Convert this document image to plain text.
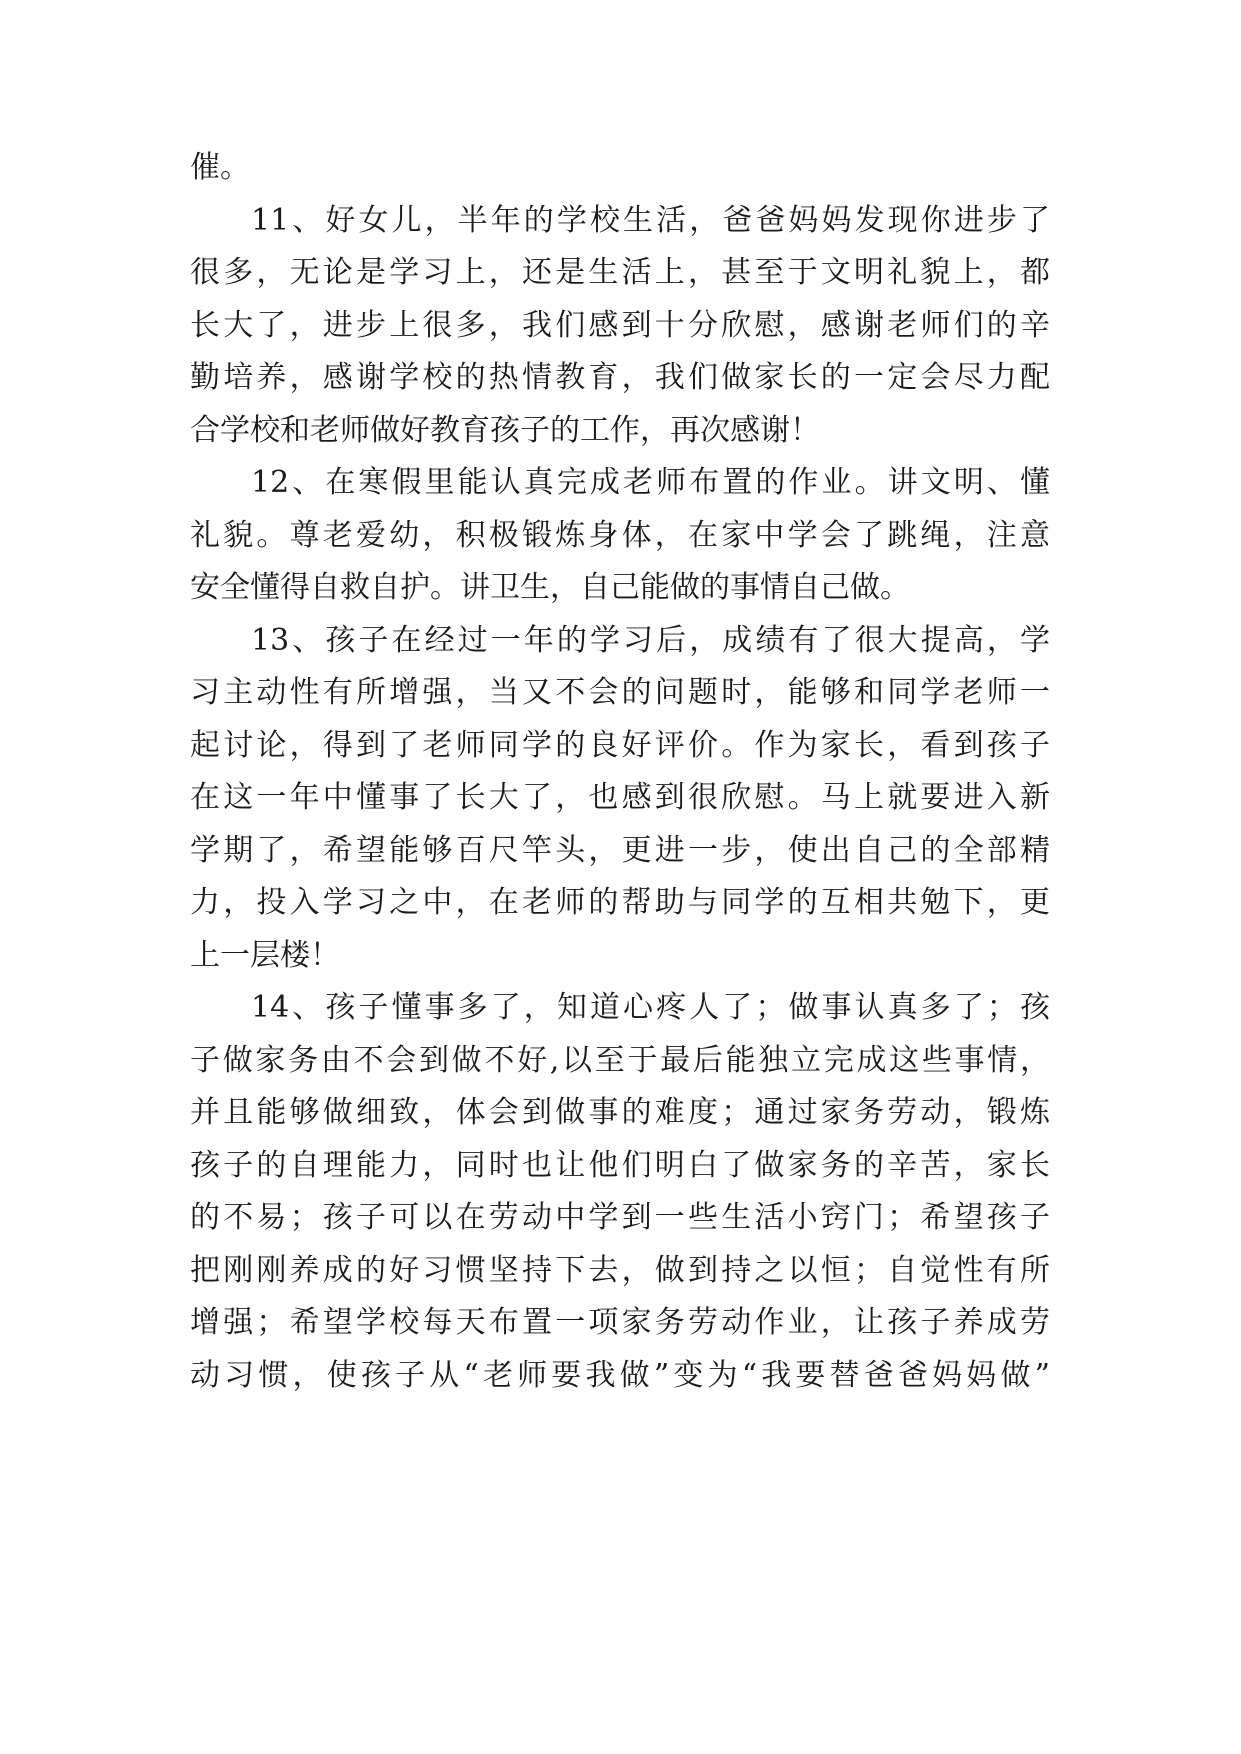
催。
11、好女儿，半年的学校生活，爸爸妈妈发现你进步了
很多，无论是学习上，还是生活上，甚至于文明礼貌上，都
长大了，进步上很多，我们感到十分欣慰，感谢老师们的辛
勤培养，感谢学校的热情教育，我们做家长的一定会尽力配
合学校和老师做好教育孩子的工作，再次感谢！
12、在寒假里能认真完成老师布置的作业。讲文明、懂
礼貌。尊老爱幼，积极锻炼身体，在家中学会了跳绳，注意
安全懂得自救自护。讲卫生，自己能做的事情自己做。
13、孩子在经过一年的学习后，成绩有了很大提高，学
习主动性有所增强，当又不会的问题时，能够和同学老师一
起讨论，得到了老师同学的良好评价。作为家长，看到孩子
在这一年中懂事了长大了，也感到很欣慰。马上就要进入新
学期了，希望能够百尺竿头，更进一步，使出自己的全部精
力，投入学习之中，在老师的帮助与同学的互相共勉下，更
上一层楼！
14、孩子懂事多了，知道心疼人了；做事认真多了；孩
子做家务由不会到做不好,以至于最后能独立完成这些事情，
并且能够做细致，体会到做事的难度；通过家务劳动，锻炼
孩子的自理能力，同时也让他们明白了做家务的辛苦，家长
的不易；孩子可以在劳动中学到一些生活小窍门；希望孩子
把刚刚养成的好习惯坚持下去，做到持之以恒；自觉性有所
增强；希望学校每天布置一项家务劳动作业，让孩子养成劳
动习惯，使孩子从“老师要我做”变为“我要替爸爸妈妈做”
